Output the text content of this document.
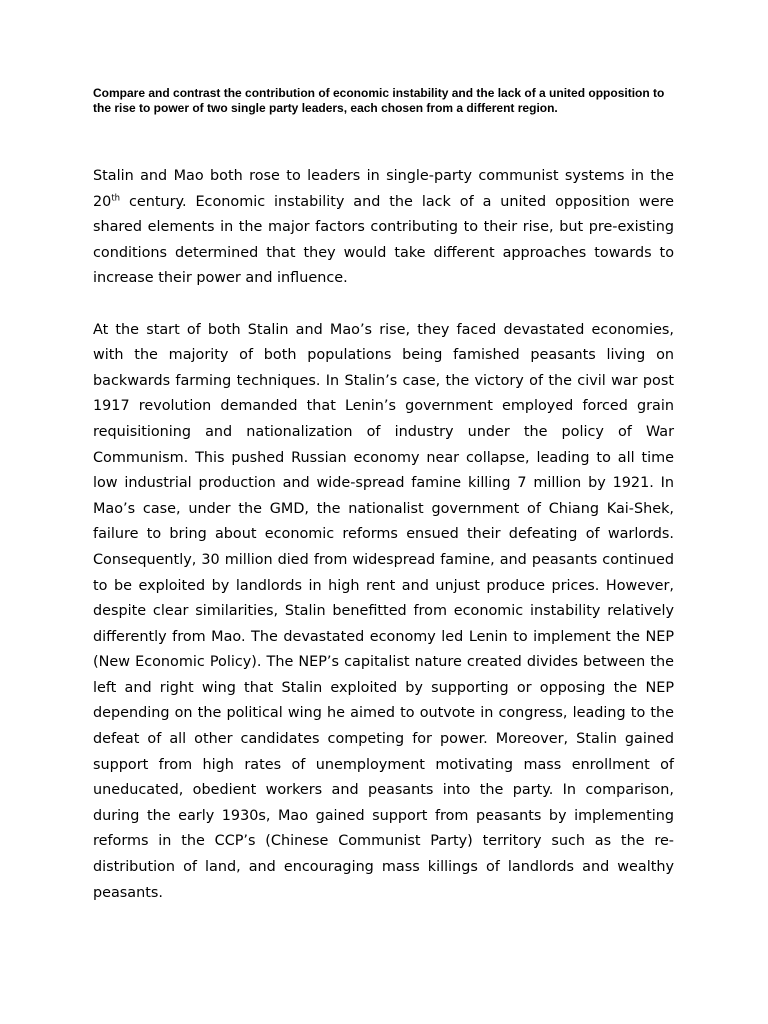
Compare and contrast the contribution of economic instability and the lack of a united opposition to the rise to power of two single party leaders, each chosen from a different region.

Stalin and Mao both rose to leaders in single-party communist systems in the 20th century. Economic instability and the lack of a united opposition were shared elements in the major factors contributing to their rise, but pre-existing conditions determined that they would take different approaches towards to increase their power and influence.

At the start of both Stalin and Mao’s rise, they faced devastated economies, with the majority of both populations being famished peasants living on backwards farming techniques. In Stalin’s case, the victory of the civil war post 1917 revolution demanded that Lenin’s government employed forced grain requisitioning and nationalization of industry under the policy of War Communism. This pushed Russian economy near collapse, leading to all time low industrial production and wide-spread famine killing 7 million by 1921. In Mao’s case, under the GMD, the nationalist government of Chiang Kai-Shek, failure to bring about economic reforms ensued their defeating of warlords. Consequently, 30 million died from widespread famine, and peasants continued to be exploited by landlords in high rent and unjust produce prices. However, despite clear similarities, Stalin benefitted from economic instability relatively differently from Mao. The devastated economy led Lenin to implement the NEP (New Economic Policy). The NEP’s capitalist nature created divides between the left and right wing that Stalin exploited by supporting or opposing the NEP depending on the political wing he aimed to outvote in congress, leading to the defeat of all other candidates competing for power. Moreover, Stalin gained support from high rates of unemployment motivating mass enrollment of uneducated, obedient workers and peasants into the party. In comparison, during the early 1930s, Mao gained support from peasants by implementing reforms in the CCP’s (Chinese Communist Party) territory such as the re- distribution of land, and encouraging mass killings of landlords and wealthy peasants.
